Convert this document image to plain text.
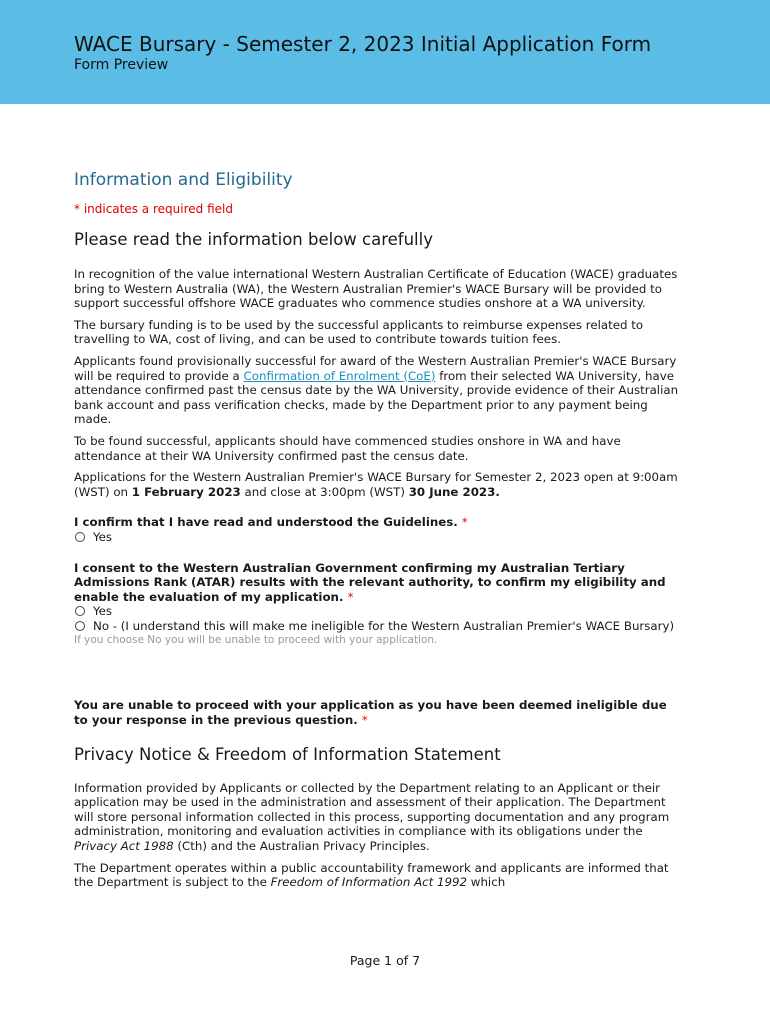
WACE Bursary - Semester 2, 2023 Initial Application Form
Form Preview
Information and Eligibility
* indicates a required field
Please read the information below carefully

In recognition of the value international Western Australian Certificate of Education (WACE) graduates bring to Western Australia (WA), the Western Australian Premier's WACE Bursary will be provided to support successful offshore WACE graduates who commence studies onshore at a WA university.

The bursary funding is to be used by the successful applicants to reimburse expenses related to travelling to WA, cost of living, and can be used to contribute towards tuition fees.

Applicants found provisionally successful for award of the Western Australian Premier's WACE Bursary will be required to provide a Confirmation of Enrolment (CoE) from their selected WA University, have attendance confirmed past the census date by the WA University, provide evidence of their Australian bank account and pass verification checks, made by the Department prior to any payment being made.

To be found successful, applicants should have commenced studies onshore in WA and have attendance at their WA University confirmed past the census date.

Applications for the Western Australian Premier's WACE Bursary for Semester 2, 2023 open at 9:00am (WST) on 1 February 2023 and close at 3:00pm (WST) 30 June 2023.

I confirm that I have read and understood the Guidelines. *
Yes
I consent to the Western Australian Government confirming my Australian Tertiary Admissions Rank (ATAR) results with the relevant authority, to confirm my eligibility and enable the evaluation of my application. *
Yes
No - (I understand this will make me ineligible for the Western Australian Premier's WACE Bursary)
If you choose No you will be unable to proceed with your application.
You are unable to proceed with your application as you have been deemed ineligible due to your response in the previous question. *
Privacy Notice & Freedom of Information Statement

Information provided by Applicants or collected by the Department relating to an Applicant or their application may be used in the administration and assessment of their application. The Department will store personal information collected in this process, supporting documentation and any program administration, monitoring and evaluation activities in compliance with its obligations under the Privacy Act 1988 (Cth) and the Australian Privacy Principles.

The Department operates within a public accountability framework and applicants are informed that the Department is subject to the Freedom of Information Act 1992 which

Page 1 of 7
